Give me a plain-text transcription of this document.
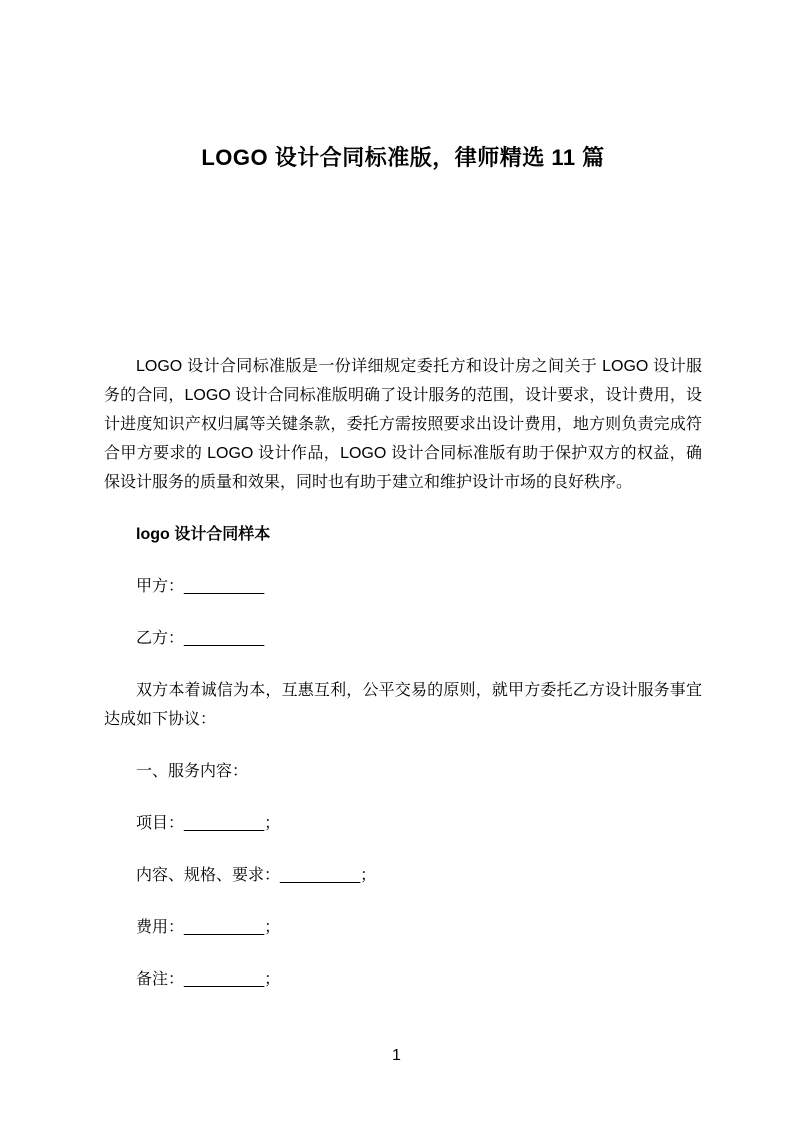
LOGO 设计合同标准版，律师精选 11 篇

LOGO 设计合同标准版是一份详细规定委托方和设计房之间关于 LOGO 设计服务的合同，LOGO 设计合同标准版明确了设计服务的范围，设计要求，设计费用，设计进度知识产权归属等关键条款，委托方需按照要求出设计费用，地方则负责完成符合甲方要求的 LOGO 设计作品，LOGO 设计合同标准版有助于保护双方的权益，确保设计服务的质量和效果，同时也有助于建立和维护设计市场的良好秩序。

logo 设计合同样本
甲方：_________
乙方：_________

双方本着诚信为本，互惠互利，公平交易的原则，就甲方委托乙方设计服务事宜达成如下协议：

一、服务内容：
项目：_________；
内容、规格、要求：_________；
费用：_________；
备注：_________；
1
